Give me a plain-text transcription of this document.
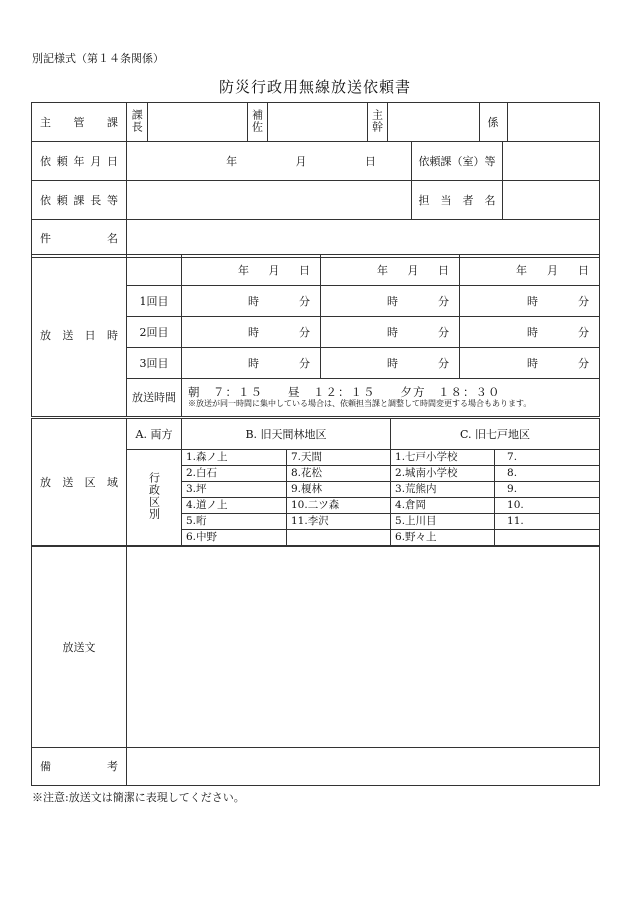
別記様式（第１４条関係）
防災行政用無線放送依頼書
主　管　課	課長		補佐		主幹		係	

依頼年月日	年	月	日	依頼課（室）等

依頼課長等		担　当　者　名

件　名	
放　送　日　時		年 月 日	年 月 日	年 月 日

	1回目	時 分	時 分	時 分

	2回目	時 分	時 分	時 分

	3回目	時 分	時 分	時 分

	放送時間	朝　７：１５　　昼　１２：１５　　夕方　１８：３０
※放送が同一時間に集中している場合は、依頼担当課と調整して時間変更する場合もあります。		
放　送　区　域	A. 両方	B. 旧天間林地区		C. 旧七戸地区	
	行政区別	1.森ノ上	7.天間	1.七戸小学校	7.
		2.白石	8.花松	2.城南小学校	8.
		3.坪	9.榎林	3.荒熊内	9.
		4.道ノ上	10.二ツ森	4.倉岡	10.
		5.哘	11.李沢	5.上川目	11.
		6.中野		6.野々上	
放送文	
備　考	
※注意:放送文は簡潔に表現してください。
